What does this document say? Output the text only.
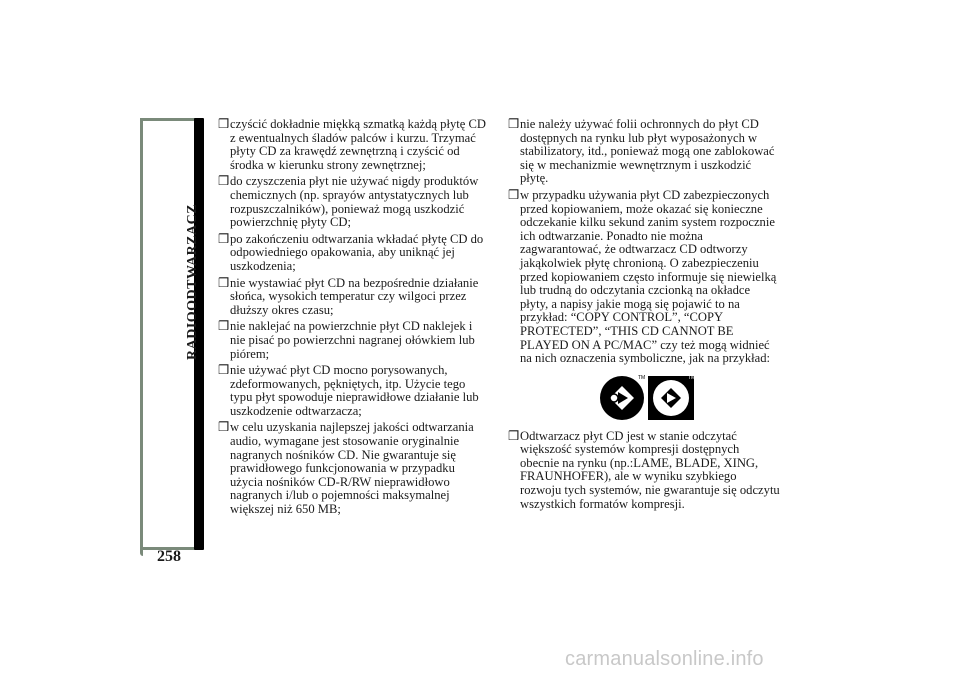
RADIOODTWARZACZ
258
❒ czyścić dokładnie miękką szmatką każdą płytę CD z ewentualnych śladów palców i kurzu. Trzymać płyty CD za krawędź zewnętrzną i czyścić od środka w kierunku strony zewnętrznej;
❒ do czyszczenia płyt nie używać nigdy produktów chemicznych (np. sprayów antystatycznych lub rozpuszczalników), ponieważ mogą uszkodzić powierzchnię płyty CD;
❒ po zakończeniu odtwarzania wkładać płytę CD do odpowiedniego opakowania, aby uniknąć jej uszkodzenia;
❒ nie wystawiać płyt CD na bezpośrednie działanie słońca, wysokich temperatur czy wilgoci przez dłuższy okres czasu;
❒ nie naklejać na powierzchnie płyt CD naklejek i nie pisać po powierzchni nagranej ołówkiem lub piórem;
❒ nie używać płyt CD mocno porysowanych, zdeformowanych, pękniętych, itp. Użycie tego typu płyt spowoduje nieprawidłowe działanie lub uszkodzenie odtwarzacza;
❒ w celu uzyskania najlepszej jakości odtwarzania audio, wymagane jest stosowanie oryginalnie nagranych nośników CD. Nie gwarantuje się prawidłowego funkcjonowania w przypadku użycia nośników CD-R/RW nieprawidłowo nagranych i/lub o pojemności maksymalnej większej niż 650 MB;
❒ nie należy używać folii ochronnych do płyt CD dostępnych na rynku lub płyt wyposażonych w stabilizatory, itd., ponieważ mogą one zablokować się w mechanizmie wewnętrznym i uszkodzić płytę.
❒ w przypadku używania płyt CD zabezpieczonych przed kopiowaniem, może okazać się konieczne odczekanie kilku sekund zanim system rozpocznie ich odtwarzanie. Ponadto nie można zagwarantować, że odtwarzacz CD odtworzy jakąkolwiek płytę chronioną. O zabezpieczeniu przed kopiowaniem często informuje się niewielką lub trudną do odczytania czcionką na okładce płyty, a napisy jakie mogą się pojawić to na przykład: “COPY CONTROL”, “COPY PROTECTED”, “THIS CD CANNOT BE PLAYED ON A PC/MAC” czy też mogą widnieć na nich oznaczenia symboliczne, jak na przykład:
TM	TM
❒ Odtwarzacz płyt CD jest w stanie odczytać większość systemów kompresji dostępnych obecnie na rynku (np.:LAME, BLADE, XING, FRAUNHOFER), ale w wyniku szybkiego rozwoju tych systemów, nie gwarantuje się odczytu wszystkich formatów kompresji.
carmanualsonline.info
